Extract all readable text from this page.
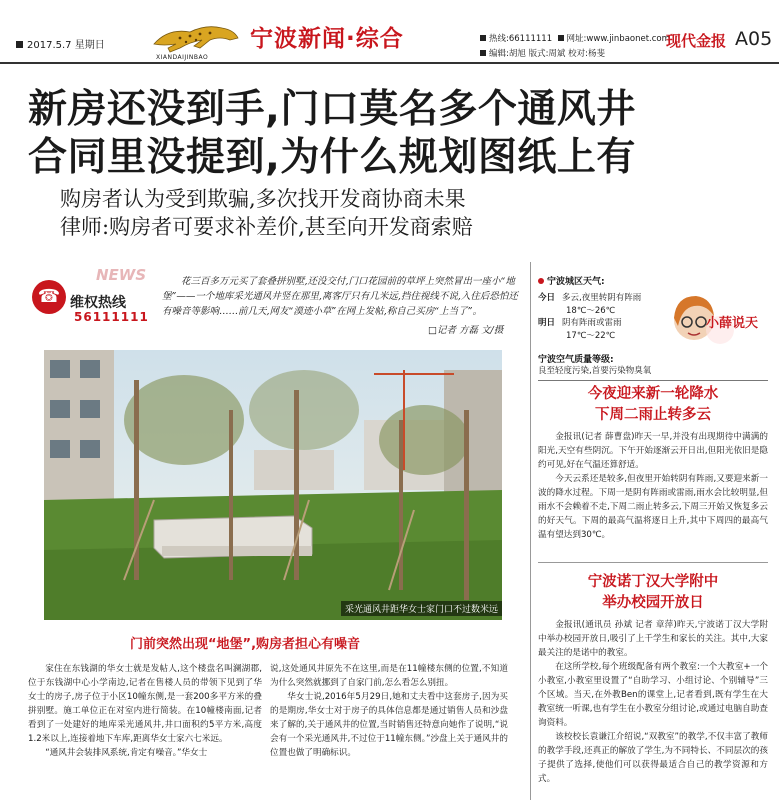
2017.5.7 星期日
XIANDAIJINBAO
宁波新闻·综合	热线:66111111 网址:www.jinbaonet.com
编辑:胡旭 版式:周斌 校对:杨斐
现代金报 A05
新房还没到手,门口莫名多个通风井
合同里没提到,为什么规划图纸上有
购房者认为受到欺骗,多次找开发商协商未果
律师:购房者可要求补差价,甚至向开发商索赔
NEWS
☎ 维权热线
56111111
花三百多万元买了套叠拼别墅,还没交付,门口花园前的草坪上突然冒出一座小“地堡”——一个地库采光通风井竖在那里,离客厅只有几米远,挡住视线不说,入住后恐怕还有噪音等影响……前几天,网友“漠迹小草”在网上发帖,称自己买房“上当了”。
□记者 方磊 文/摄
采光通风井距华女士家门口不过数米远
门前突然出现“地堡”,购房者担心有噪音

家住在东钱湖的华女士就是发帖人,这个楼盘名叫澜湖郡,位于东钱湖中心小学南边,记者在售楼人员的带领下见到了华女士的房子,房子位于小区10幢东侧,是一套200多平方米的叠拼别墅。施工单位正在对室内进行简装。在10幢楼南面,记者看到了一处建好的地库采光通风井,井口面积约5平方米,高度1.2米以上,连接着地下车库,距离华女士家六七米远。

“通风井会装排风系统,肯定有噪音。”华女士

说,这处通风井原先不在这里,而是在11幢楼东侧的位置,不知道为什么突然就挪到了自家门前,怎么看怎么别扭。

华女士说,2016年5月29日,她和丈夫看中这套房子,因为买的是期房,华女士对于房子的具体信息都是通过销售人员和沙盘来了解的,关于通风井的位置,当时销售还特意向她作了说明,“说会有一个采光通风井,不过位于11幢东侧。”沙盘上关于通风井的位置也做了明确标识。

宁波城区天气:
今日 多云,夜里转阴有阵雨
18℃～26℃
明日 阴有阵雨或雷雨
17℃～22℃
宁波空气质量等级:
良至轻度污染,首要污染物臭氧
小薛说天
今夜迎来新一轮降水
下周二雨止转多云

金报讯(记者 薛曹盘)昨天一早,并没有出现期待中满满的阳光,天空有些阴沉。下午开始逐渐云开日出,但阳光依旧是隐约可见,好在气温还算舒适。

今天云系还是较多,但夜里开始转阴有阵雨,又要迎来新一波的降水过程。下周一是阴有阵雨或雷雨,雨水会比较明显,但雨水不会赖着不走,下周二雨止转多云,下周三开始又恢复多云的好天气。下周的最高气温将逐日上升,其中下周四的最高气温有望达到30℃。

宁波诺丁汉大学附中
举办校园开放日

金报讯(通讯员 孙斌 记者 章萍)昨天,宁波诺丁汉大学附中举办校园开放日,吸引了上千学生和家长的关注。其中,大家最关注的是诺中的教室。

在这所学校,每个班级配备有两个教室:一个大教室+一个小教室,小教室里设置了“自助学习、小组讨论、个别辅导”三个区域。当天,在外教Ben的课堂上,记者看到,既有学生在大教室统一听课,也有学生在小教室分组讨论,或通过电脑自助查询资料。

该校校长袁谦江介绍说,“双教室”的教学,不仅丰富了教师的教学手段,还真正的解放了学生,为不同特长、不同层次的孩子提供了选择,使他们可以获得最适合自己的教学资源和方式。
